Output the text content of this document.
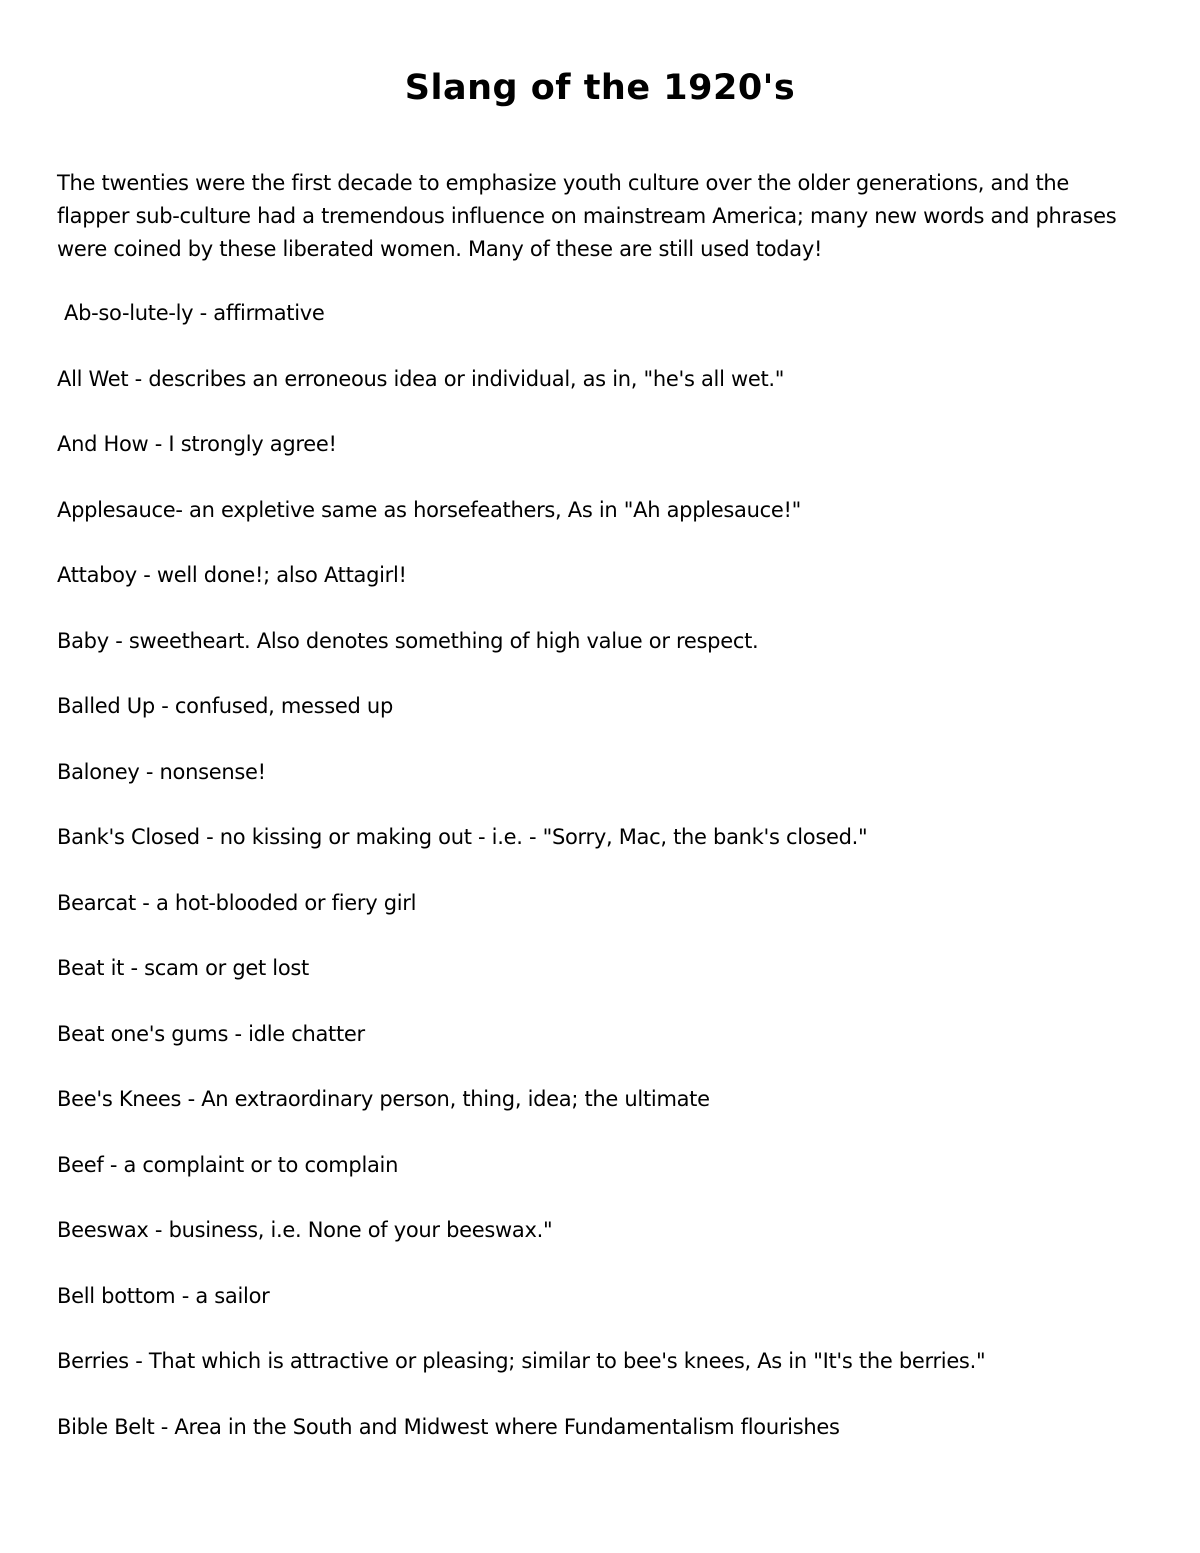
Slang of the 1920's

The twenties were the first decade to emphasize youth culture over the older generations, and the flapper sub-culture had a tremendous influence on mainstream America; many new words and phrases were coined by these liberated women. Many of these are still used today!

Ab-so-lute-ly - affirmative
All Wet - describes an erroneous idea or individual, as in, "he's all wet."
And How - I strongly agree!
Applesauce- an expletive same as horsefeathers, As in "Ah applesauce!"
Attaboy - well done!; also Attagirl!
Baby - sweetheart. Also denotes something of high value or respect.
Balled Up - confused, messed up
Baloney - nonsense!
Bank's Closed - no kissing or making out - i.e. - "Sorry, Mac, the bank's closed."
Bearcat - a hot-blooded or fiery girl
Beat it - scam or get lost
Beat one's gums - idle chatter
Bee's Knees - An extraordinary person, thing, idea; the ultimate
Beef - a complaint or to complain
Beeswax - business, i.e. None of your beeswax."
Bell bottom - a sailor
Berries - That which is attractive or pleasing; similar to bee's knees, As in "It's the berries."
Bible Belt - Area in the South and Midwest where Fundamentalism flourishes
